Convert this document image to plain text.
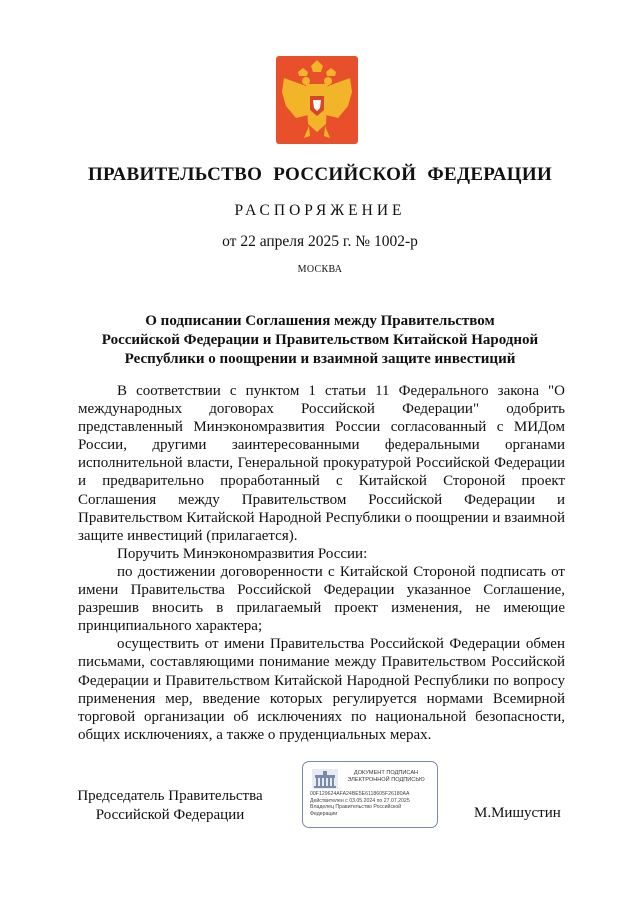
ПРАВИТЕЛЬСТВО РОССИЙСКОЙ ФЕДЕРАЦИИ
РАСПОРЯЖЕНИЕ
от 22 апреля 2025 г. № 1002-р
МОСКВА
О подписании Соглашения между Правительством
Российской Федерации и Правительством Китайской Народной
Республики о поощрении и взаимной защите инвестиций

В соответствии с пунктом 1 статьи 11 Федерального закона "О международных договорах Российской Федерации" одобрить представленный Минэкономразвития России согласованный с МИДом России, другими заинтересованными федеральными органами исполнительной власти, Генеральной прокуратурой Российской Федерации и предварительно проработанный с Китайской Стороной проект Соглашения между Правительством Российской Федерации и Правительством Китайской Народной Республики о поощрении и взаимной защите инвестиций (прилагается).

Поручить Минэкономразвития России:

по достижении договоренности с Китайской Стороной подписать от имени Правительства Российской Федерации указанное Соглашение, разрешив вносить в прилагаемый проект изменения, не имеющие принципиального характера;

осуществить от имени Правительства Российской Федерации обмен письмами, составляющими понимание между Правительством Российской Федерации и Правительством Китайской Народной Республики по вопросу применения мер, введение которых регулируется нормами Всемирной торговой организации об исключениях по национальной безопасности, общих исключениях, а также о пруденциальных мерах.

Председатель Правительства
Российской Федерации
ДОКУМЕНТ ПОДПИСАН
ЭЛЕКТРОННОЙ ПОДПИСЬЮ
00F129624AFA24BE5E6118605F26180AA
Действителен с 03.05.2024 по 27.07.2025
Владелец Правительство Российской
Федерации	М.Мишустин
